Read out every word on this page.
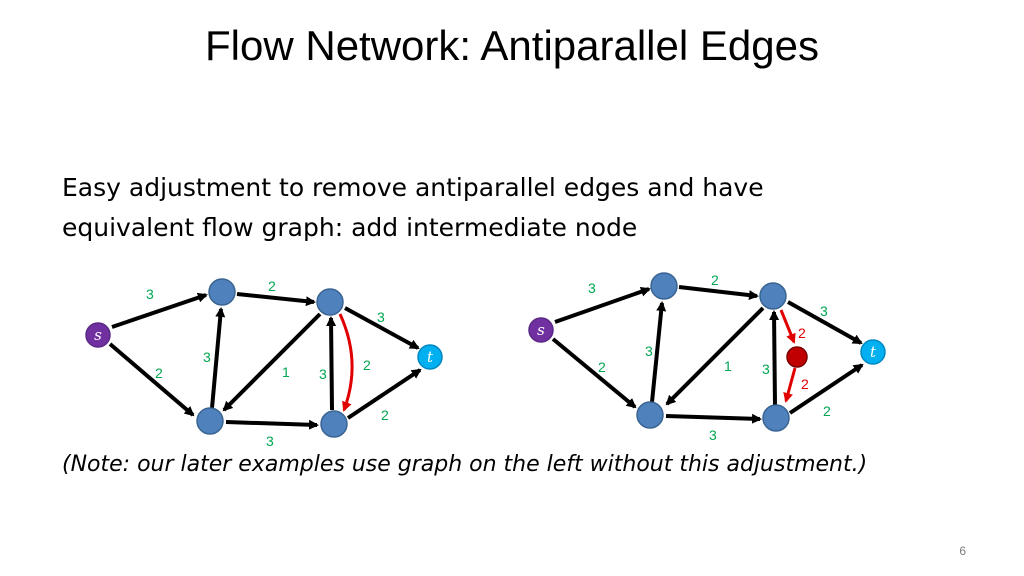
Flow Network: Antiparallel Edges
Easy adjustment to remove antiparallel edges and have
equivalent flow graph: add intermediate node
s
t
3
2
3
2
1 3
2
3
2
3
s
t
3
2
3
2
1 3
2
2
3
2
3
(Note: our later examples use graph on the left without this adjustment.)
6
